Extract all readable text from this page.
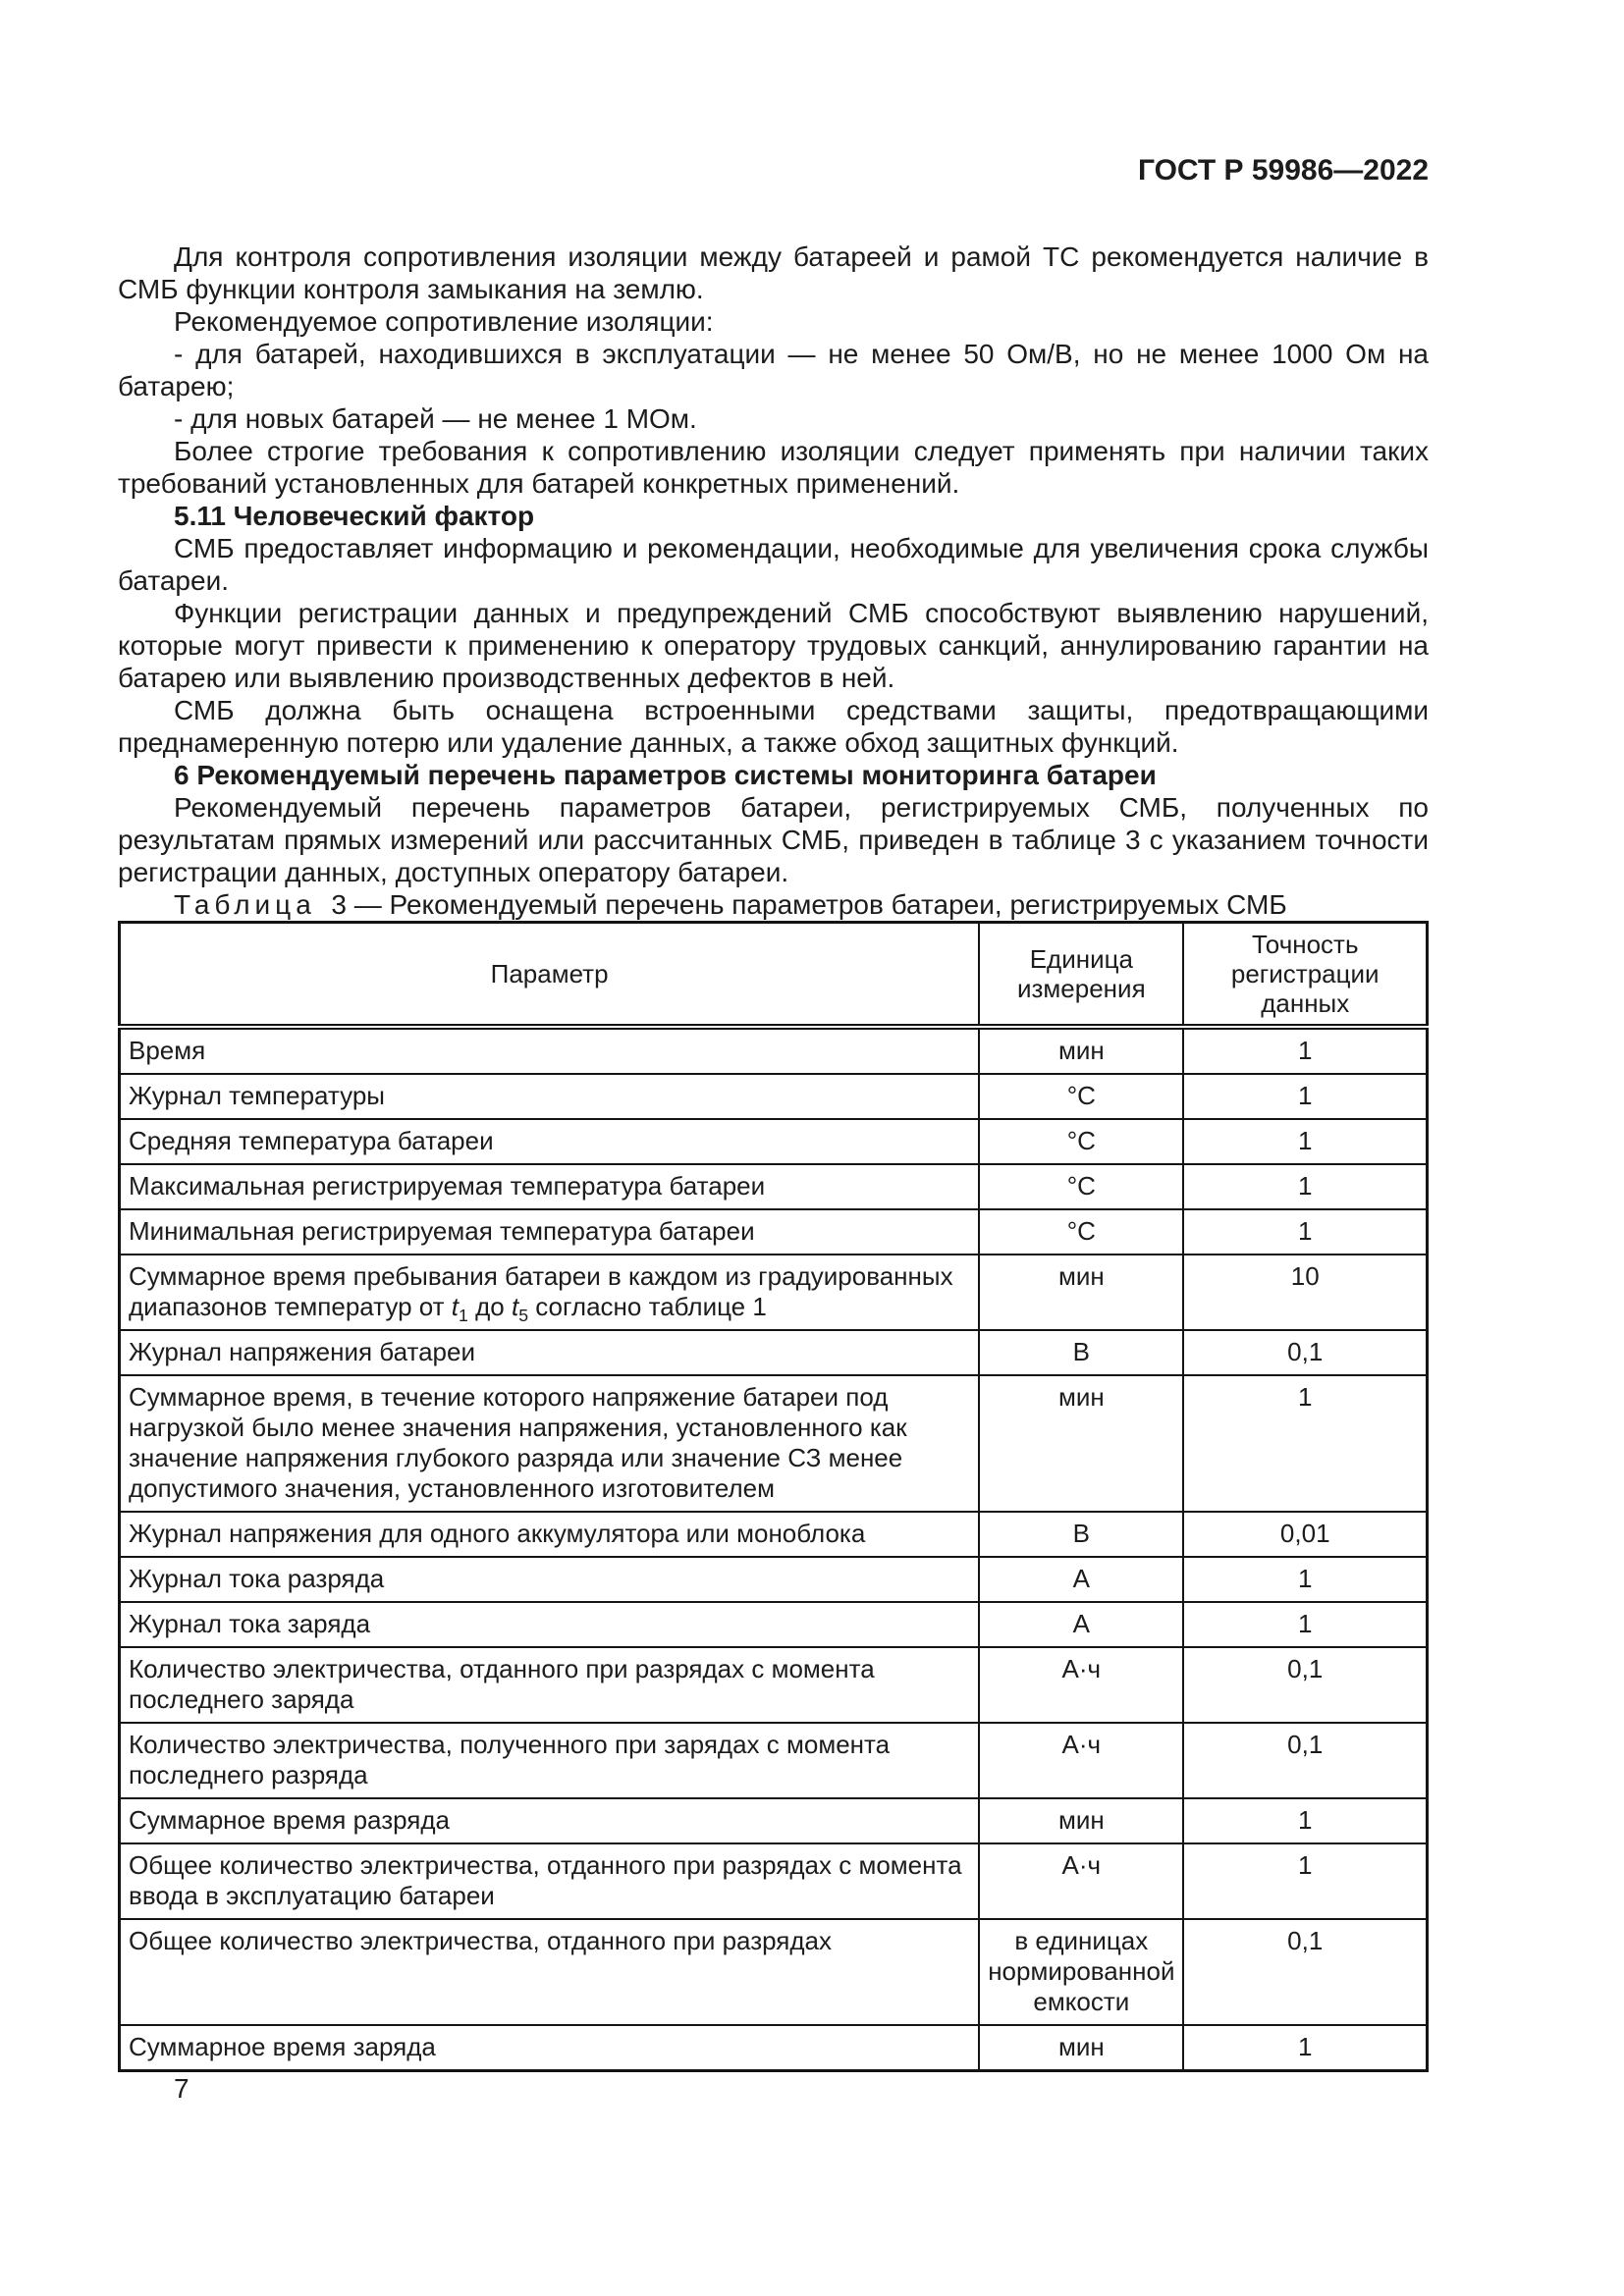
ГОСТ Р 59986—2022

Для контроля сопротивления изоляции между батареей и рамой ТС рекомендуется наличие в СМБ функции контроля замыкания на землю.

Рекомендуемое сопротивление изоляции:

- для батарей, находившихся в эксплуатации — не менее 50 Ом/В, но не менее 1000 Ом на батарею;

- для новых батарей — не менее 1 МОм.

Более строгие требования к сопротивлению изоляции следует применять при наличии таких требований установленных для батарей конкретных применений.

5.11 Человеческий фактор

СМБ предоставляет информацию и рекомендации, необходимые для увеличения срока службы батареи.

Функции регистрации данных и предупреждений СМБ способствуют выявлению нарушений, которые могут привести к применению к оператору трудовых санкций, аннулированию гарантии на батарею или выявлению производственных дефектов в ней.

СМБ должна быть оснащена встроенными средствами защиты, предотвращающими преднамеренную потерю или удаление данных, а также обход защитных функций.

6 Рекомендуемый перечень параметров системы мониторинга батареи

Рекомендуемый перечень параметров батареи, регистрируемых СМБ, полученных по результатам прямых измерений или рассчитанных СМБ, приведен в таблице 3 с указанием точности регистрации данных, доступных оператору батареи.

Таблица 3 — Рекомендуемый перечень параметров батареи, регистрируемых СМБ

Параметр	Единица измерения	Точность регистрации данных
Время	мин	1
Журнал температуры	°С	1
Средняя температура батареи	°С	1
Максимальная регистрируемая температура батареи	°С	1
Минимальная регистрируемая температура батареи	°С	1
Суммарное время пребывания батареи в каждом из градуированных диапазонов температур от $t_1$ до $t_5$ согласно таблице 1	мин	10
Журнал напряжения батареи	В	0,1
Суммарное время, в течение которого напряжение батареи под нагрузкой было менее значения напряжения, установленного как значение напряжения глубокого разряда или значение СЗ менее допустимого значения, установленного изготовителем	мин	1
Журнал напряжения для одного аккумулятора или моноблока	В	0,01
Журнал тока разряда	А	1
Журнал тока заряда	А	1
Количество электричества, отданного при разрядах с момента последнего заряда	А·ч	0,1
Количество электричества, полученного при зарядах с момента последнего разряда	А·ч	0,1
Суммарное время разряда	мин	1
Общее количество электричества, отданного при разрядах с момента ввода в эксплуатацию батареи	А·ч	1
Общее количество электричества, отданного при разрядах	в единицах нормированной емкости	0,1
Суммарное время заряда	мин	1

7
